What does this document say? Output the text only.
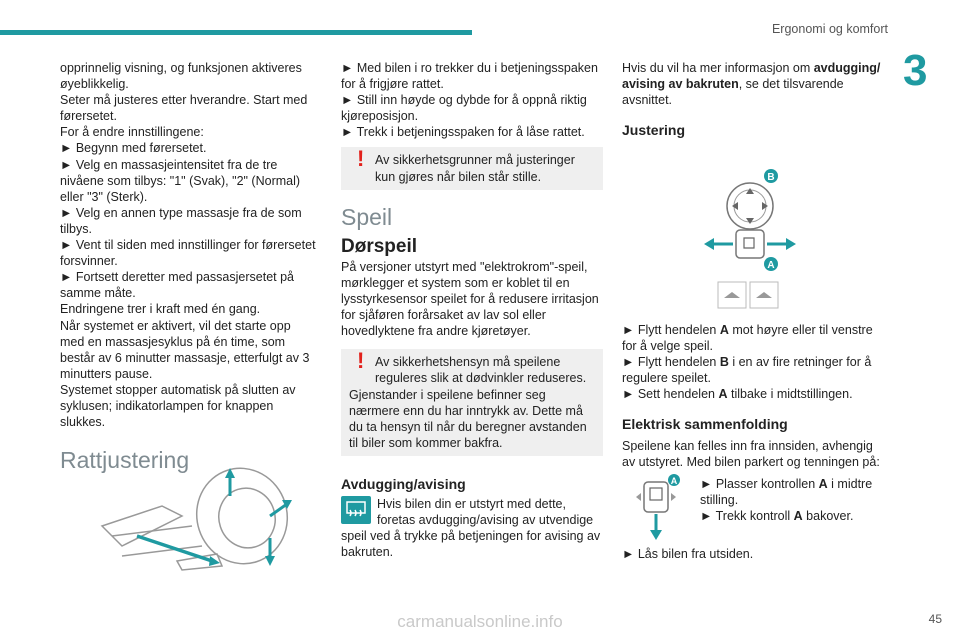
Ergonomi og komfort
3

opprinnelig visning, og funksjonen aktiveres øyeblikkelig.

Seter må justeres etter hverandre. Start med førersetet.

For å endre innstillingene:

► Begynn med førersetet.

► Velg en massasjeintensitet fra de tre nivåene som tilbys: "1" (Svak), "2" (Normal) eller "3" (Sterk).

► Velg en annen type massasje fra de som tilbys.

► Vent til siden med innstillinger for førersetet forsvinner.

► Fortsett deretter med passasjersetet på samme måte.

Endringene trer i kraft med én gang.

Når systemet er aktivert, vil det starte opp med en massasjesyklus på én time, som består av 6 minutter massasje, etterfulgt av 3 minutters pause.

Systemet stopper automatisk på slutten av syklusen; indikatorlampen for knappen slukkes.

Rattjustering

► Med bilen i ro trekker du i betjeningsspaken for å frigjøre rattet.

► Still inn høyde og dybde for å oppnå riktig kjøreposisjon.

► Trekk i betjeningsspaken for å låse rattet.

! Av sikkerhetsgrunner må justeringer kun gjøres når bilen står stille.

Speil
Dørspeil

På versjoner utstyrt med "elektrokrom"-speil, mørklegger et system som er koblet til en lysstyrkesensor speilet for å redusere irritasjon for sjåføren forårsaket av lav sol eller hovedlyktene fra andre kjøretøyer.

! Av sikkerhetshensyn må speilene reguleres slik at dødvinkler reduseres.

Gjenstander i speilene befinner seg nærmere enn du har inntrykk av. Dette må du ta hensyn til når du beregner avstanden til biler som kommer bakfra.

Avdugging/avising

Hvis bilen din er utstyrt med dette, foretas avdugging/avising av utvendige speil ved å trykke på betjeningen for avising av bakruten.

Hvis du vil ha mer informasjon om avdugging/ avising av bakruten, se det tilsvarende avsnittet.

Justering
B
A

► Flytt hendelen A mot høyre eller til venstre for å velge speil.

► Flytt hendelen B i en av fire retninger for å regulere speilet.

► Sett hendelen A tilbake i midtstillingen.

Elektrisk sammenfolding

Speilene kan felles inn fra innsiden, avhengig av utstyret. Med bilen parkert og tenningen på:

A ► Plasser kontrollen A i midtre stilling.

► Trekk kontroll A bakover.

► Lås bilen fra utsiden.
carmanualsonline.info	45
